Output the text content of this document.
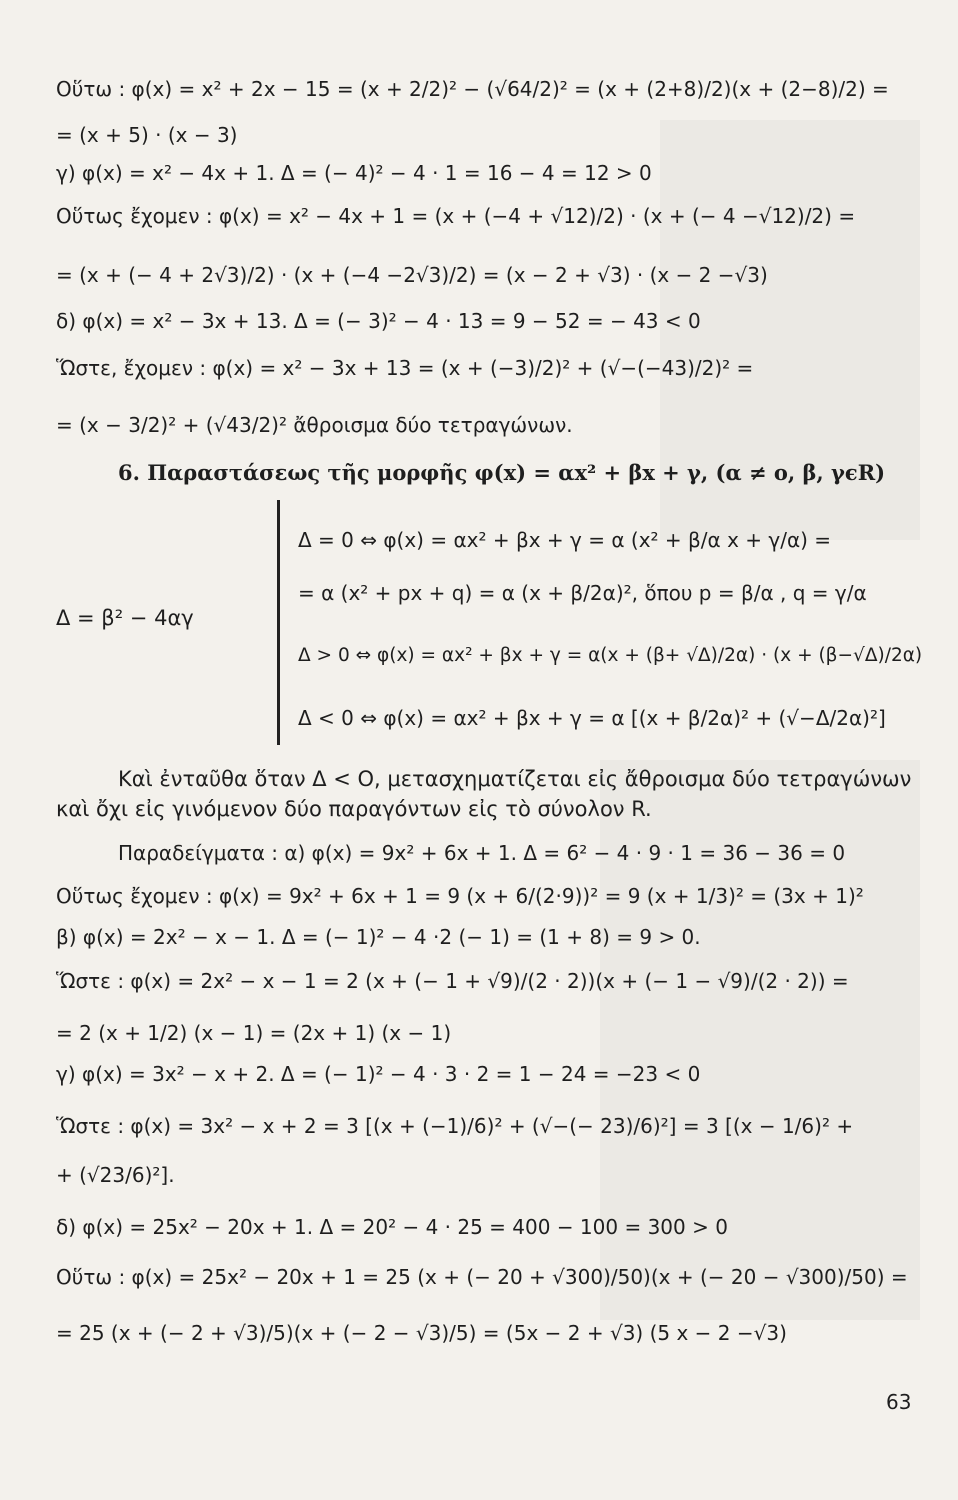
Οὕτω : φ(x) = x² + 2x − 15 = (x + 2/2)² − (√64/2)² = (x + (2+8)/2)(x + (2−8)/2) =
= (x + 5) · (x − 3)
γ) φ(x) = x² − 4x + 1. Δ = (− 4)² − 4 · 1 = 16 − 4 = 12 > 0
Οὕτως ἔχομεν : φ(x) = x² − 4x + 1 = (x + (−4 + √12)/2) · (x + (− 4 −√12)/2) =
= (x + (− 4 + 2√3)/2) · (x + (−4 −2√3)/2) = (x − 2 + √3) · (x − 2 −√3)
δ) φ(x) = x² − 3x + 13. Δ = (− 3)² − 4 · 13 = 9 − 52 = − 43 < 0
Ὥστε, ἔχομεν : φ(x) = x² − 3x + 13 = (x + (−3)/2)² + (√−(−43)/2)² =
= (x − 3/2)² + (√43/2)² ἄθροισμα δύο τετραγώνων.
6. Παραστάσεως τῆς μορφῆς φ(x) = αx² + βx + γ, (α ≠ o, β, γϵR)
Δ = 0 ⇔ φ(x) = αx² + βx + γ = α (x² + β/α x + γ/α) =
= α (x² + px + q) = α (x + β/2α)², ὅπου p = β/α , q = γ/α
Δ = β² − 4αγ
Δ > 0 ⇔ φ(x) = αx² + βx + γ = α(x + (β+ √Δ)/2α) · (x + (β−√Δ)/2α)
Δ < 0 ⇔ φ(x) = αx² + βx + γ = α [(x + β/2α)² + (√−Δ/2α)²]
Καὶ ἐνταῦθα ὅταν Δ < O, μετασχηματίζεται εἰς ἄθροισμα δύο τετραγώνων
καὶ ὄχι εἰς γινόμενον δύο παραγόντων εἰς τὸ σύνολον R.
Παραδείγματα : α) φ(x) = 9x² + 6x + 1. Δ = 6² − 4 · 9 · 1 = 36 − 36 = 0
Οὕτως ἔχομεν : φ(x) = 9x² + 6x + 1 = 9 (x + 6/(2·9))² = 9 (x + 1/3)² = (3x + 1)²
β) φ(x) = 2x² − x − 1. Δ = (− 1)² − 4 ·2 (− 1) = (1 + 8) = 9 > 0.
Ὥστε : φ(x) = 2x² − x − 1 = 2 (x + (− 1 + √9)/(2 · 2))(x + (− 1 − √9)/(2 · 2)) =
= 2 (x + 1/2) (x − 1) = (2x + 1) (x − 1)
γ) φ(x) = 3x² − x + 2. Δ = (− 1)² − 4 · 3 · 2 = 1 − 24 = −23 < 0
Ὥστε : φ(x) = 3x² − x + 2 = 3 [(x + (−1)/6)² + (√−(− 23)/6)²] = 3 [(x − 1/6)² +
+ (√23/6)²].
δ) φ(x) = 25x² − 20x + 1. Δ = 20² − 4 · 25 = 400 − 100 = 300 > 0
Οὕτω : φ(x) = 25x² − 20x + 1 = 25 (x + (− 20 + √300)/50)(x + (− 20 − √300)/50) =
= 25 (x + (− 2 + √3)/5)(x + (− 2 − √3)/5) = (5x − 2 + √3) (5 x − 2 −√3)
63
